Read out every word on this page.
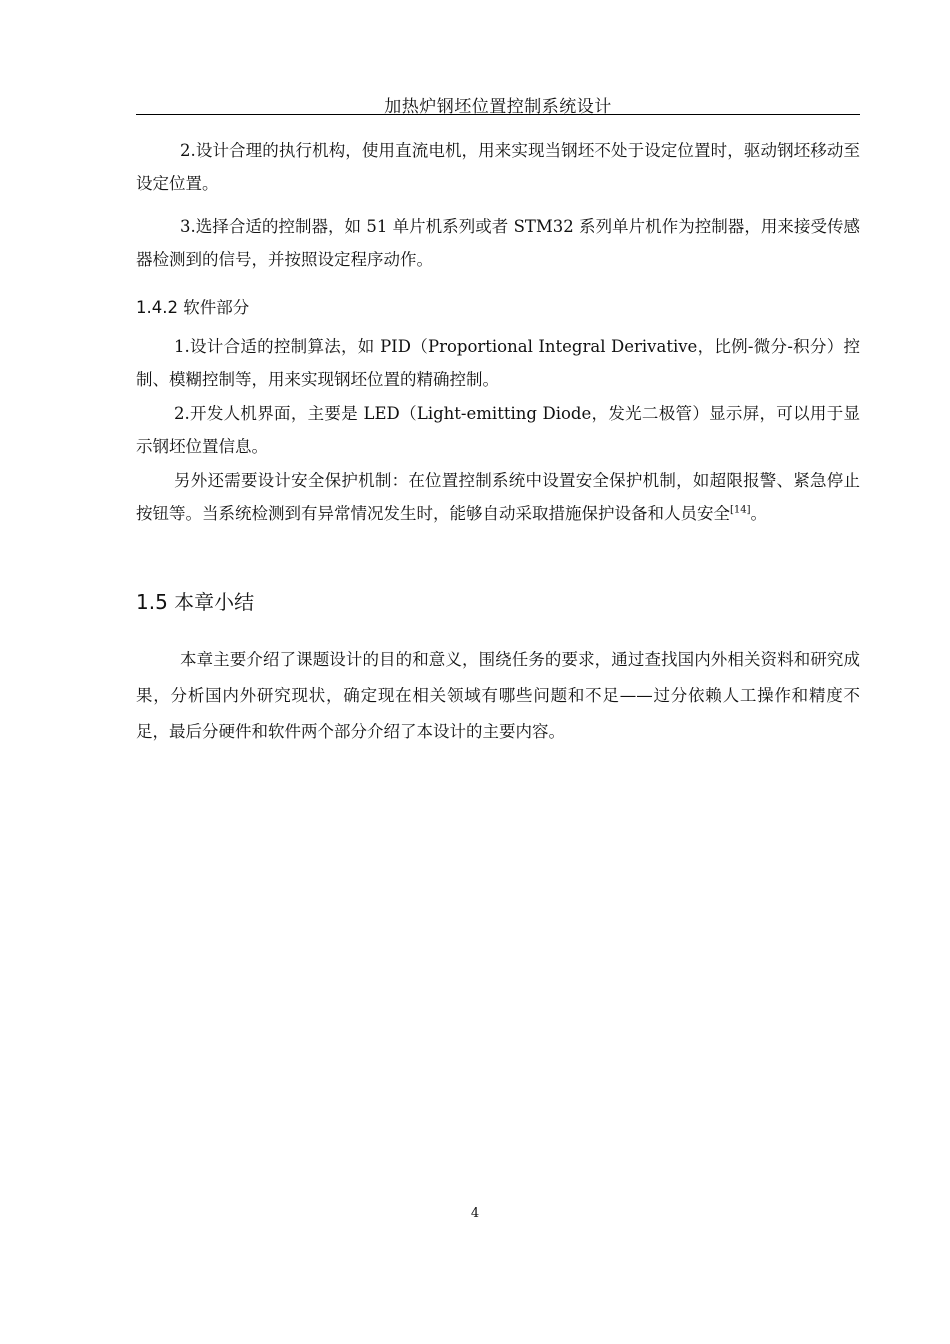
加热炉钢坯位置控制系统设计

2.设计合理的执行机构，使用直流电机，用来实现当钢坯不处于设定位置时，驱动钢坯移动至设定位置。

3.选择合适的控制器，如 51 单片机系列或者 STM32 系列单片机作为控制器，用来接受传感器检测到的信号，并按照设定程序动作。

1.4.2 软件部分

1.设计合适的控制算法，如 PID（Proportional Integral Derivative，比例-微分-积分）控制、模糊控制等，用来实现钢坯位置的精确控制。

2.开发人机界面，主要是 LED（Light-emitting Diode，发光二极管）显示屏，可以用于显示钢坯位置信息。

另外还需要设计安全保护机制：在位置控制系统中设置安全保护机制，如超限报警、紧急停止按钮等。当系统检测到有异常情况发生时，能够自动采取措施保护设备和人员安全[14]。

1.5 本章小结

本章主要介绍了课题设计的目的和意义，围绕任务的要求，通过查找国内外相关资料和研究成果，分析国内外研究现状，确定现在相关领域有哪些问题和不足——过分依赖人工操作和精度不足，最后分硬件和软件两个部分介绍了本设计的主要内容。

4
